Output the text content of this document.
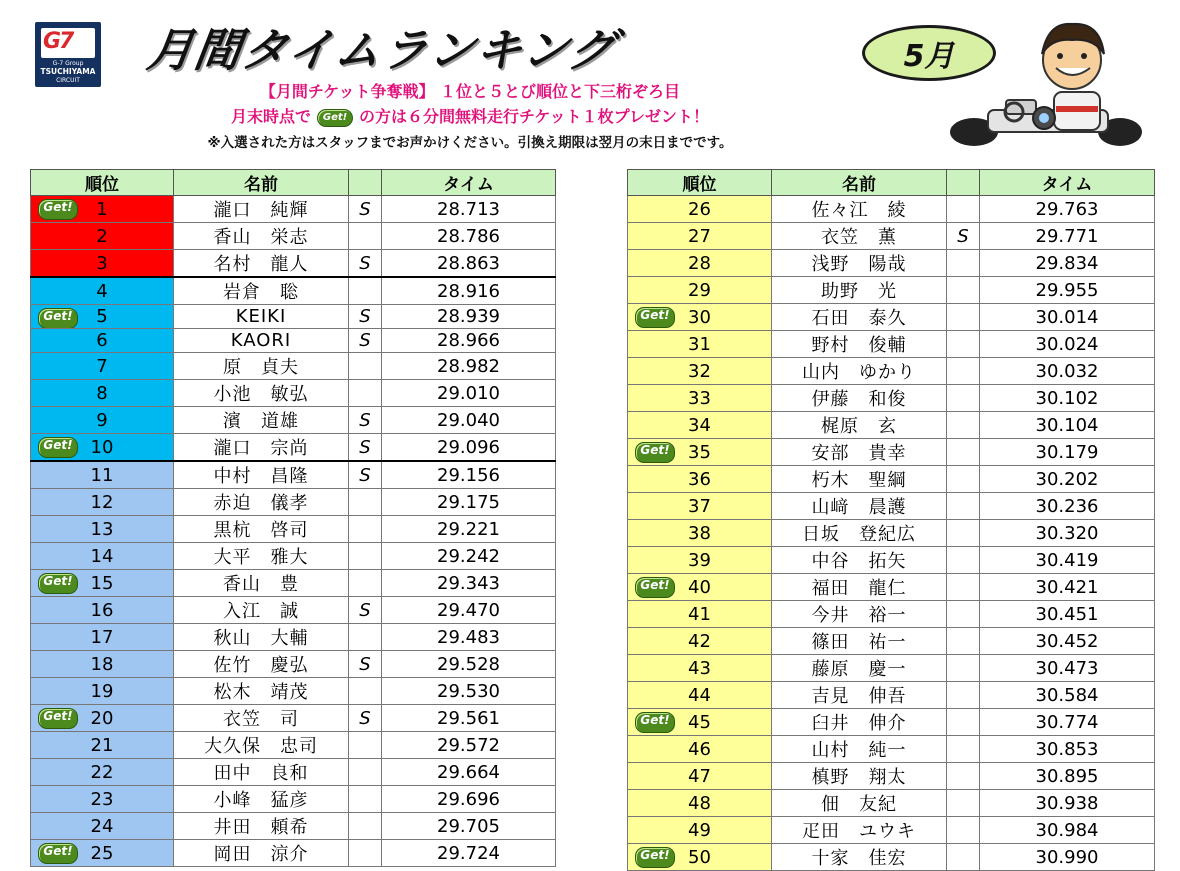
G7
G-7 Group
TSUCHIYAMA
CIRCUIT
月間タイムランキング	5月
【月間チケット争奪戦】 １位と５とび順位と下三桁ぞろ目
月末時点で Get! の方は６分間無料走行チケット１枚プレゼント！
※入選された方はスタッフまでお声かけください。引換え期限は翌月の末日までです。
順位	名前		タイム

Get! 1	瀧口　純輝	S	28.713
2	香山　栄志		28.786
3	名村　龍人	S	28.863
4	岩倉　聡		28.916

Get! 5	KEIKI	S	28.939
6	KAORI	S	28.966
7	原　貞夫		28.982
8	小池　敏弘		29.010
9	濱　道雄	S	29.040

Get! 10	瀧口　宗尚	S	29.096
11	中村　昌隆	S	29.156
12	赤迫　儀孝		29.175
13	黒杭　啓司		29.221
14	大平　雅大		29.242

Get! 15	香山　豊		29.343
16	入江　誠	S	29.470
17	秋山　大輔		29.483
18	佐竹　慶弘	S	29.528
19	松木　靖茂		29.530

Get! 20	衣笠　司	S	29.561
21	大久保　忠司		29.572
22	田中　良和		29.664
23	小峰　猛彦		29.696
24	井田　頼希		29.705

Get! 25	岡田　涼介		29.724
順位	名前		タイム
26	佐々江　綾		29.763
27	衣笠　薫	S	29.771
28	浅野　陽哉		29.834
29	助野　光		29.955

Get! 30	石田　泰久		30.014
31	野村　俊輔		30.024
32	山内　ゆかり		30.032
33	伊藤　和俊		30.102
34	梶原　玄		30.104

Get! 35	安部　貴幸		30.179
36	朽木　聖綱		30.202
37	山﨑　晨護		30.236
38	日坂　登紀広		30.320
39	中谷　拓矢		30.419

Get! 40	福田　龍仁		30.421
41	今井　裕一		30.451
42	篠田　祐一		30.452
43	藤原　慶一		30.473
44	吉見　伸吾		30.584

Get! 45	臼井　伸介		30.774
46	山村　純一		30.853
47	槙野　翔太		30.895
48	佃　友紀		30.938
49	疋田　ユウキ		30.984

Get! 50	十家　佳宏		30.990
